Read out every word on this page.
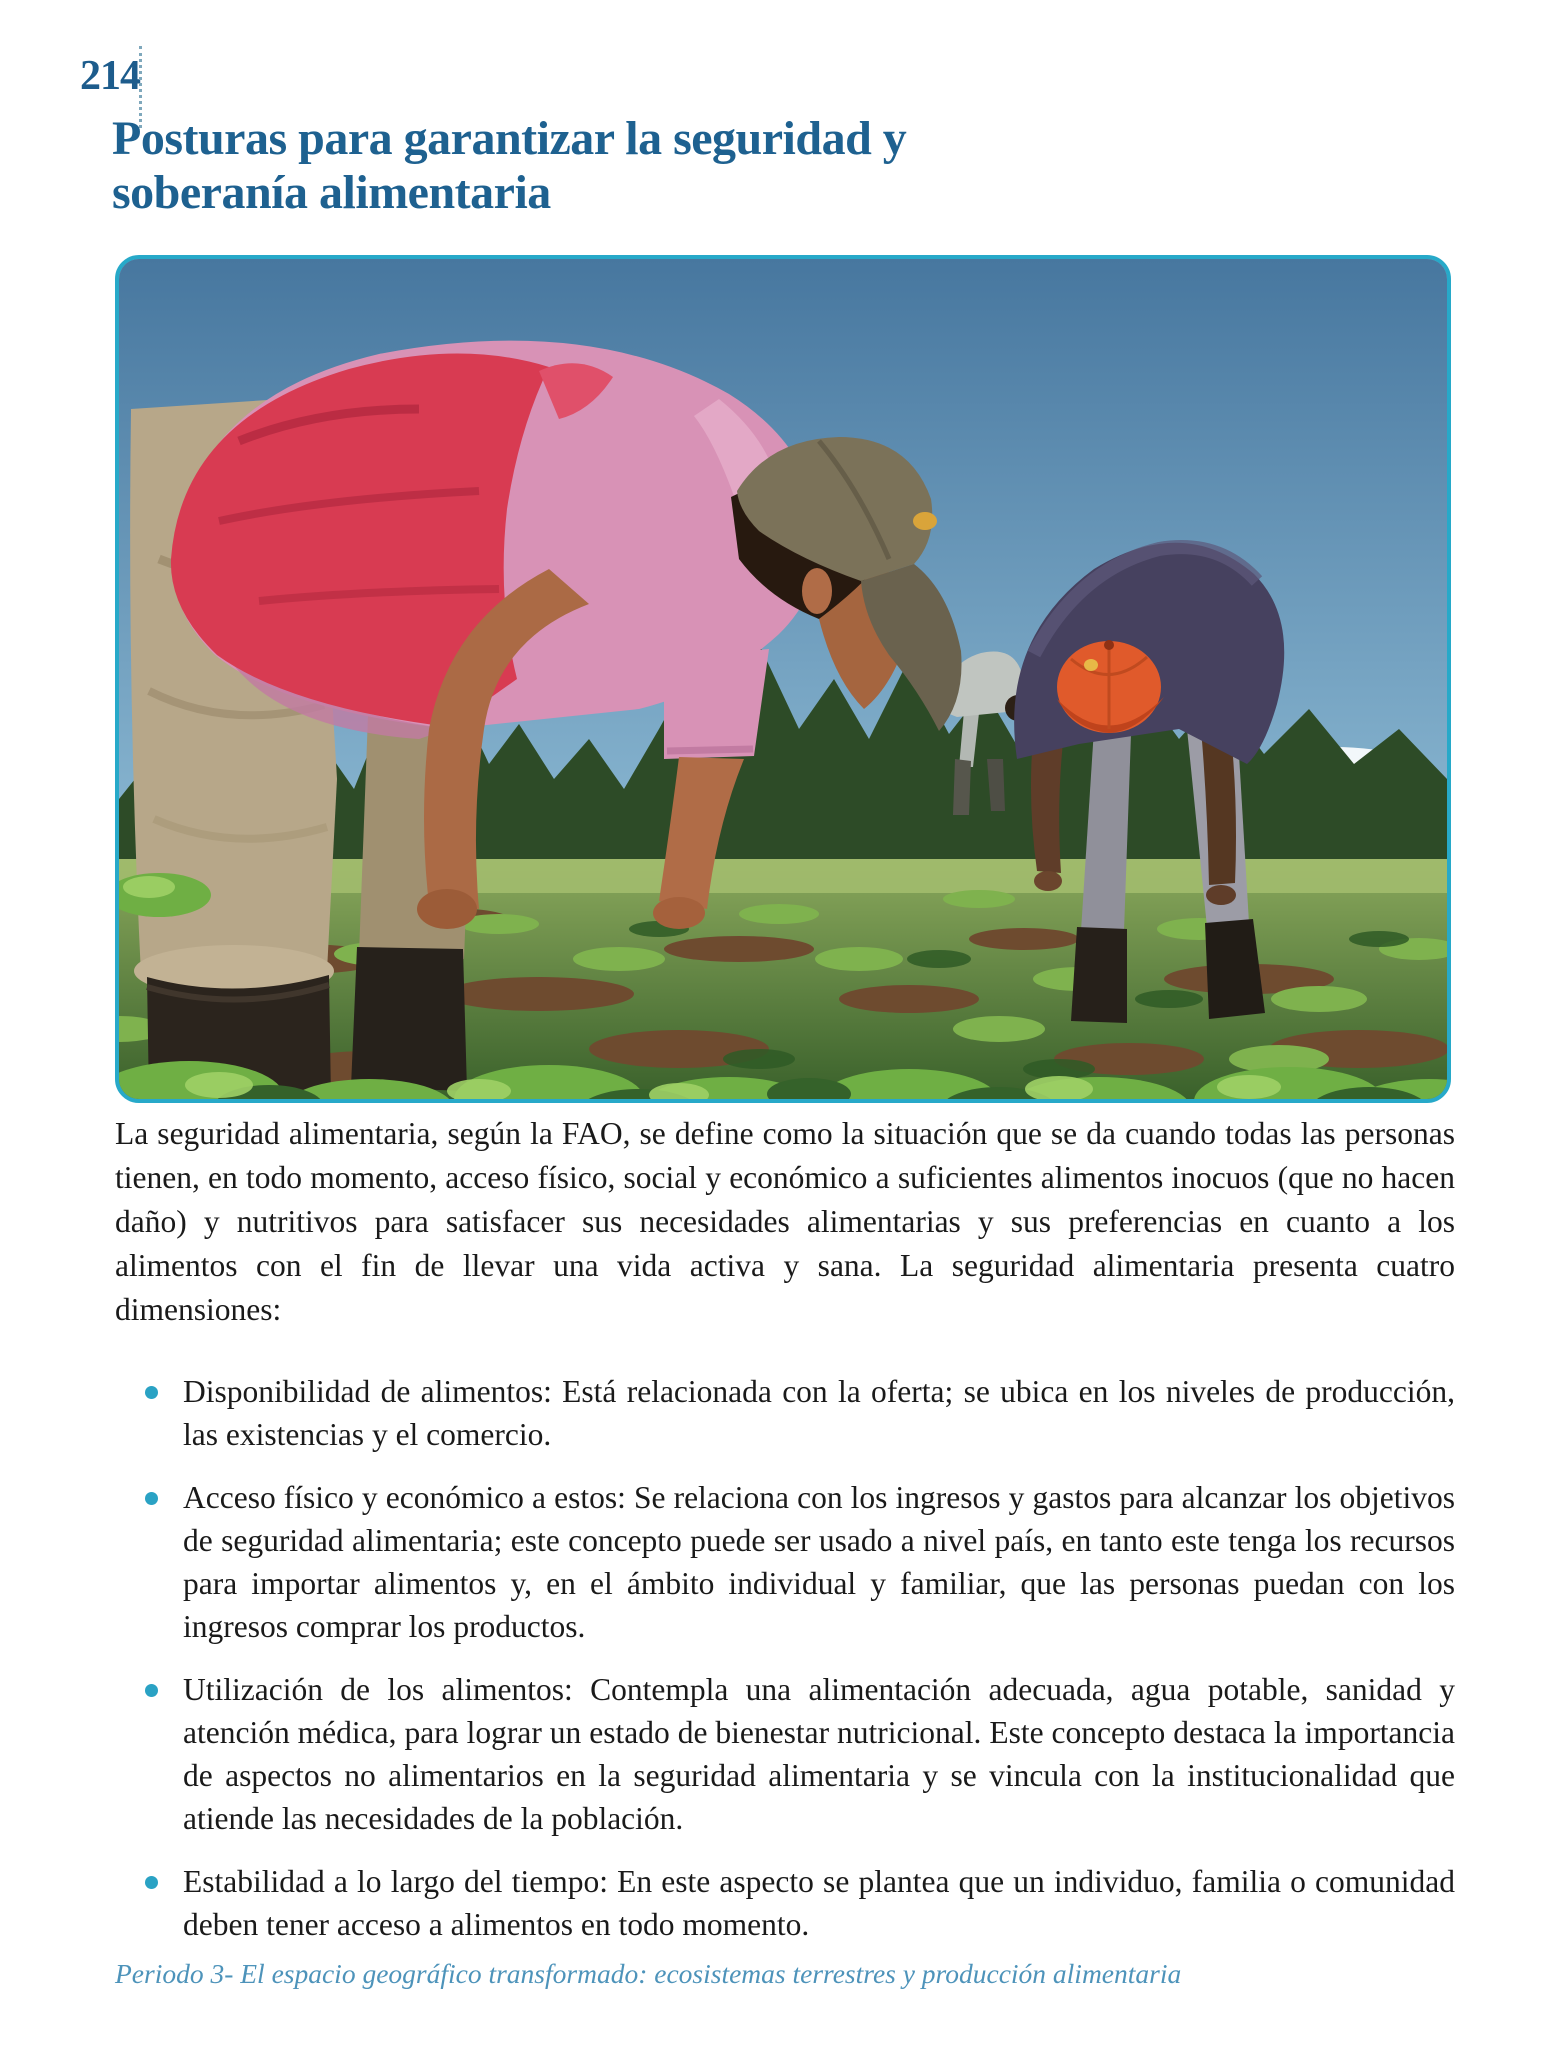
214
Posturas para garantizar la seguridad y soberanía alimentaria

La seguridad alimentaria, según la FAO, se define como la situación que se da cuando todas las personas tienen, en todo momento, acceso físico, social y económico a suficientes alimentos inocuos (que no hacen daño) y nutritivos para satisfacer sus necesidades alimentarias y sus preferencias en cuanto a los alimentos con el fin de llevar una vida activa y sana. La seguridad alimentaria presenta cuatro dimensiones:

Disponibilidad de alimentos: Está relacionada con la oferta; se ubica en los niveles de producción, las existencias y el comercio.
Acceso físico y económico a estos: Se relaciona con los ingresos y gastos para alcanzar los objetivos de seguridad alimentaria; este concepto puede ser usado a nivel país, en tanto este tenga los recursos para importar alimentos y, en el ámbito individual y familiar, que las personas puedan con los ingresos comprar los productos.
Utilización de los alimentos: Contempla una alimentación adecuada, agua potable, sanidad y atención médica, para lograr un estado de bienestar nutricional. Este concepto destaca la importancia de aspectos no alimentarios en la seguridad alimentaria y se vincula con la institucionalidad que atiende las necesidades de la población.
Estabilidad a lo largo del tiempo: En este aspecto se plantea que un individuo, familia o comunidad deben tener acceso a alimentos en todo momento.
Periodo 3- El espacio geográfico transformado: ecosistemas terrestres y producción alimentaria
